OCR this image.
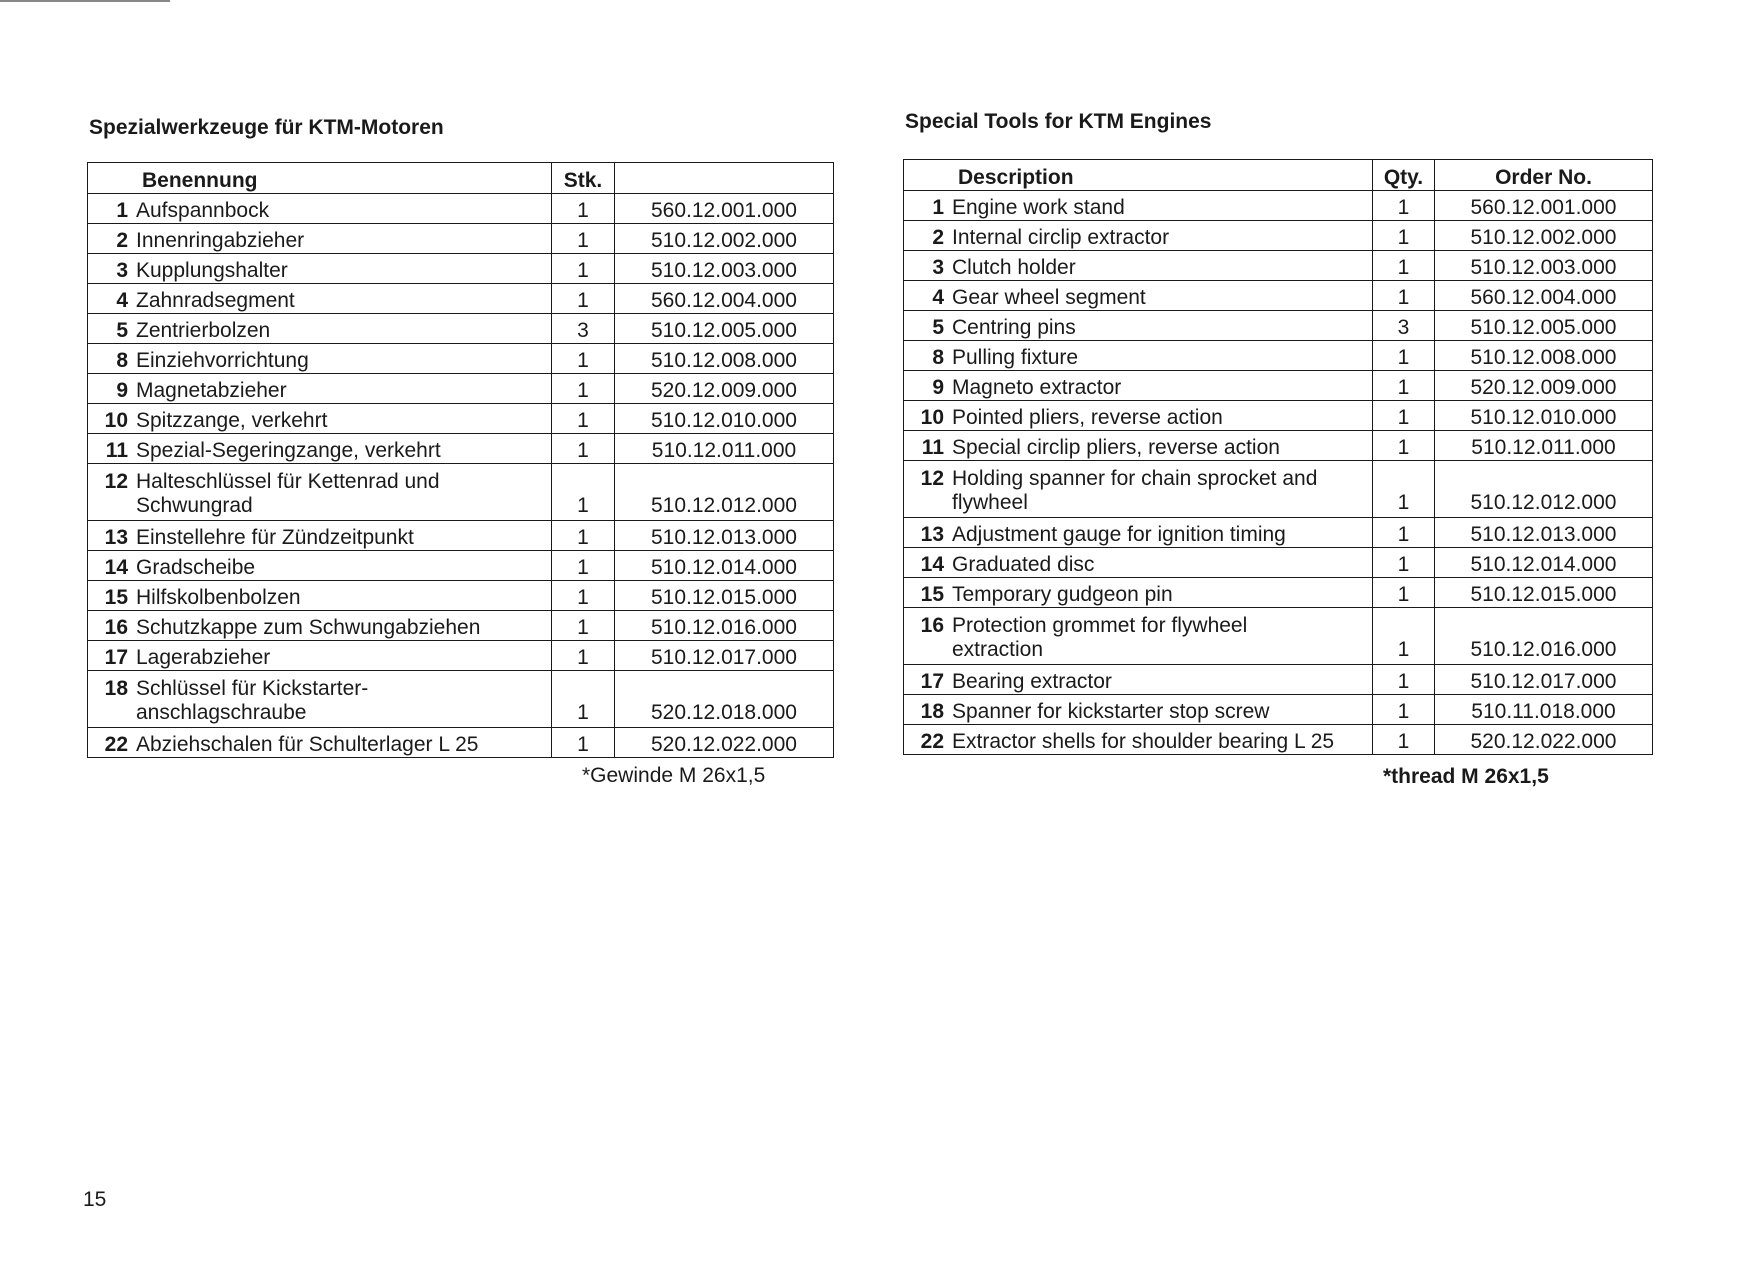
Spezialwerkzeuge für KTM-Motoren
Benennung	Stk.	
1 Aufspannbock	1	560.12.001.000
2 Innenringabzieher	1	510.12.002.000
3 Kupplungshalter	1	510.12.003.000
4 Zahnradsegment	1	560.12.004.000
5 Zentrierbolzen	3	510.12.005.000
8 Einziehvorrichtung	1	510.12.008.000
9 Magnetabzieher	1	520.12.009.000
10 Spitzzange, verkehrt	1	510.12.010.000
11 Spezial-Segeringzange, verkehrt	1	510.12.011.000
12 Halteschlüssel für Kettenrad und
Schwungrad	1	510.12.012.000
13 Einstellehre für Zündzeitpunkt	1	510.12.013.000
14 Gradscheibe	1	510.12.014.000
15 Hilfskolbenbolzen	1	510.12.015.000
16 Schutzkappe zum Schwungabziehen	1	510.12.016.000
17 Lagerabzieher	1	510.12.017.000
18 Schlüssel für Kickstarter-
anschlagschraube	1	520.12.018.000
22 Abziehschalen für Schulterlager L 25	1	520.12.022.000
*Gewinde M 26x1,5
Special Tools for KTM Engines
Description	Qty.	Order No.
1 Engine work stand	1	560.12.001.000
2 Internal circlip extractor	1	510.12.002.000
3 Clutch holder	1	510.12.003.000
4 Gear wheel segment	1	560.12.004.000
5 Centring pins	3	510.12.005.000
8 Pulling fixture	1	510.12.008.000
9 Magneto extractor	1	520.12.009.000
10 Pointed pliers, reverse action	1	510.12.010.000
11 Special circlip pliers, reverse action	1	510.12.011.000
12 Holding spanner for chain sprocket and
flywheel	1	510.12.012.000
13 Adjustment gauge for ignition timing	1	510.12.013.000
14 Graduated disc	1	510.12.014.000
15 Temporary gudgeon pin	1	510.12.015.000
16 Protection grommet for flywheel
extraction	1	510.12.016.000
17 Bearing extractor	1	510.12.017.000
18 Spanner for kickstarter stop screw	1	510.11.018.000
22 Extractor shells for shoulder bearing L 25	1	520.12.022.000
*thread M 26x1,5
15
